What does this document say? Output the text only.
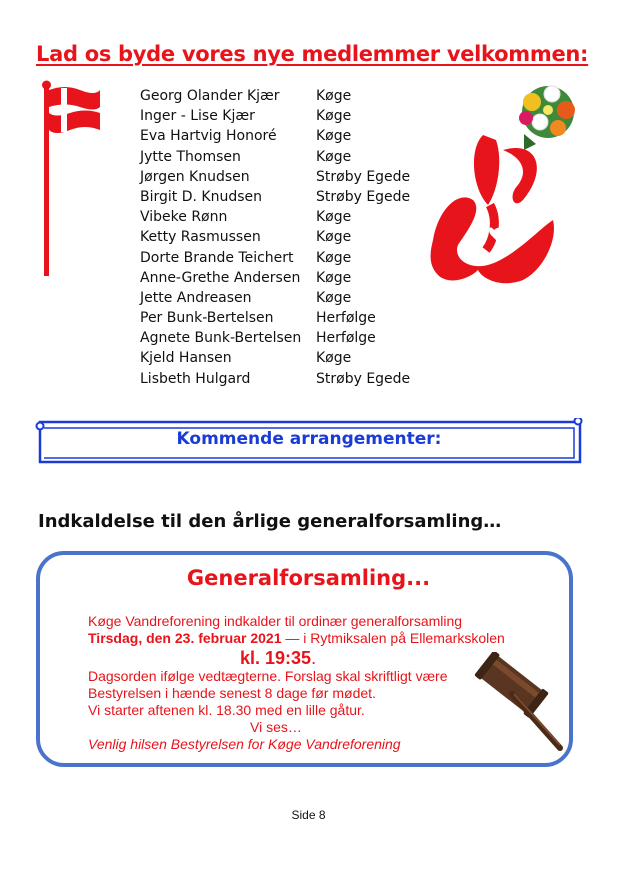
Lad os byde vores nye medlemmer velkommen:
Georg Olander Kjær	Køge
Inger - Lise Kjær	Køge
Eva Hartvig Honoré	Køge
Jytte Thomsen	Køge
Jørgen Knudsen	Strøby Egede
Birgit D. Knudsen	Strøby Egede
Vibeke Rønn	Køge
Ketty Rasmussen	Køge
Dorte Brande Teichert Køge
Anne-Grethe Andersen Køge
Jette Andreasen	Køge
Per Bunk-Bertelsen	Herfølge
Agnete Bunk-Bertelsen Herfølge
Kjeld Hansen	Køge
Lisbeth Hulgard	Strøby Egede
Kommende arrangementer:
Indkaldelse til den årlige generalforsamling…
Generalforsamling...
Køge Vandreforening indkalder til ordinær generalforsamling
Tirsdag, den 23. februar 2021 — i Rytmiksalen på Ellemarkskolen
kl. 19:35.
Dagsorden ifølge vedtægterne. Forslag skal skriftligt være
Bestyrelsen i hænde senest 8 dage før mødet.
Vi starter aftenen kl. 18.30 med en lille gåtur.
Vi ses…
Venlig hilsen Bestyrelsen for Køge Vandreforening
Side 8
